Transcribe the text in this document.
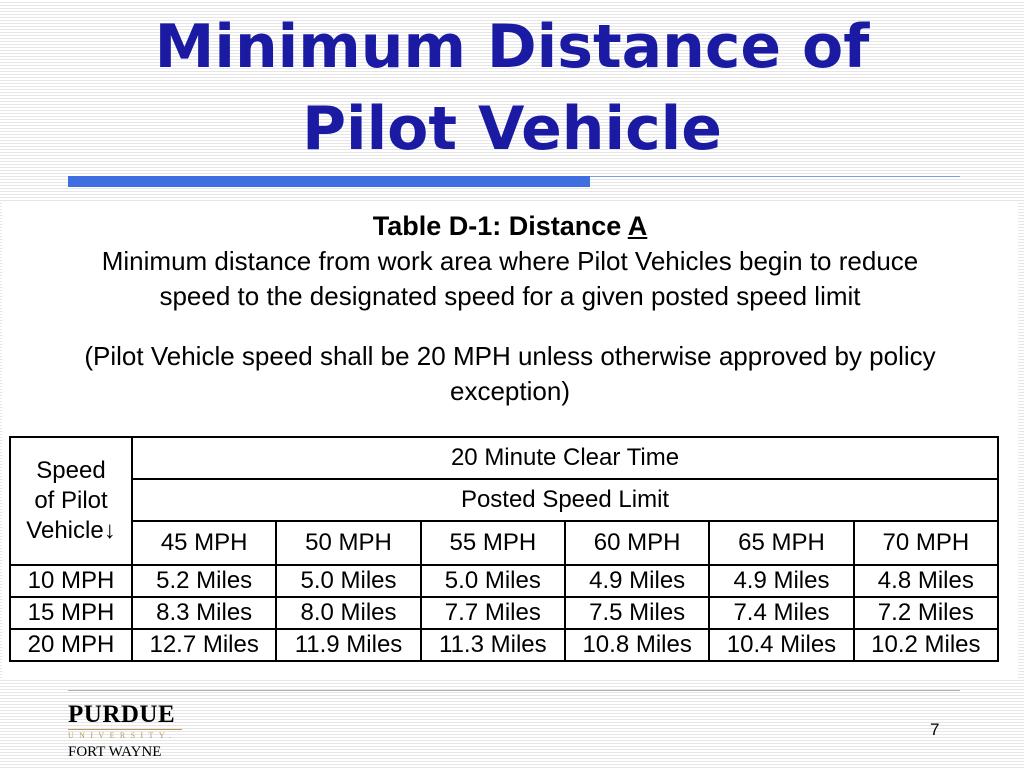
Minimum Distance of
Pilot Vehicle
Table D-1: Distance A
Minimum distance from work area where Pilot Vehicles begin to reduce
speed to the designated speed for a given posted speed limit
(Pilot Vehicle speed shall be 20 MPH unless otherwise approved by policy
exception)
Speed
of Pilot
Vehicle↓	20 Minute Clear Time					
	Posted Speed Limit					
	45 MPH	50 MPH	55 MPH	60 MPH	65 MPH	70 MPH
10 MPH	5.2 Miles	5.0 Miles	5.0 Miles	4.9 Miles	4.9 Miles	4.8 Miles
15 MPH	8.3 Miles	8.0 Miles	7.7 Miles	7.5 Miles	7.4 Miles	7.2 Miles
20 MPH	12.7 Miles	11.9 Miles	11.3 Miles	10.8 Miles	10.4 Miles	10.2 Miles
PURDUE
UNIVERSITY.
FORT WAYNE
7
